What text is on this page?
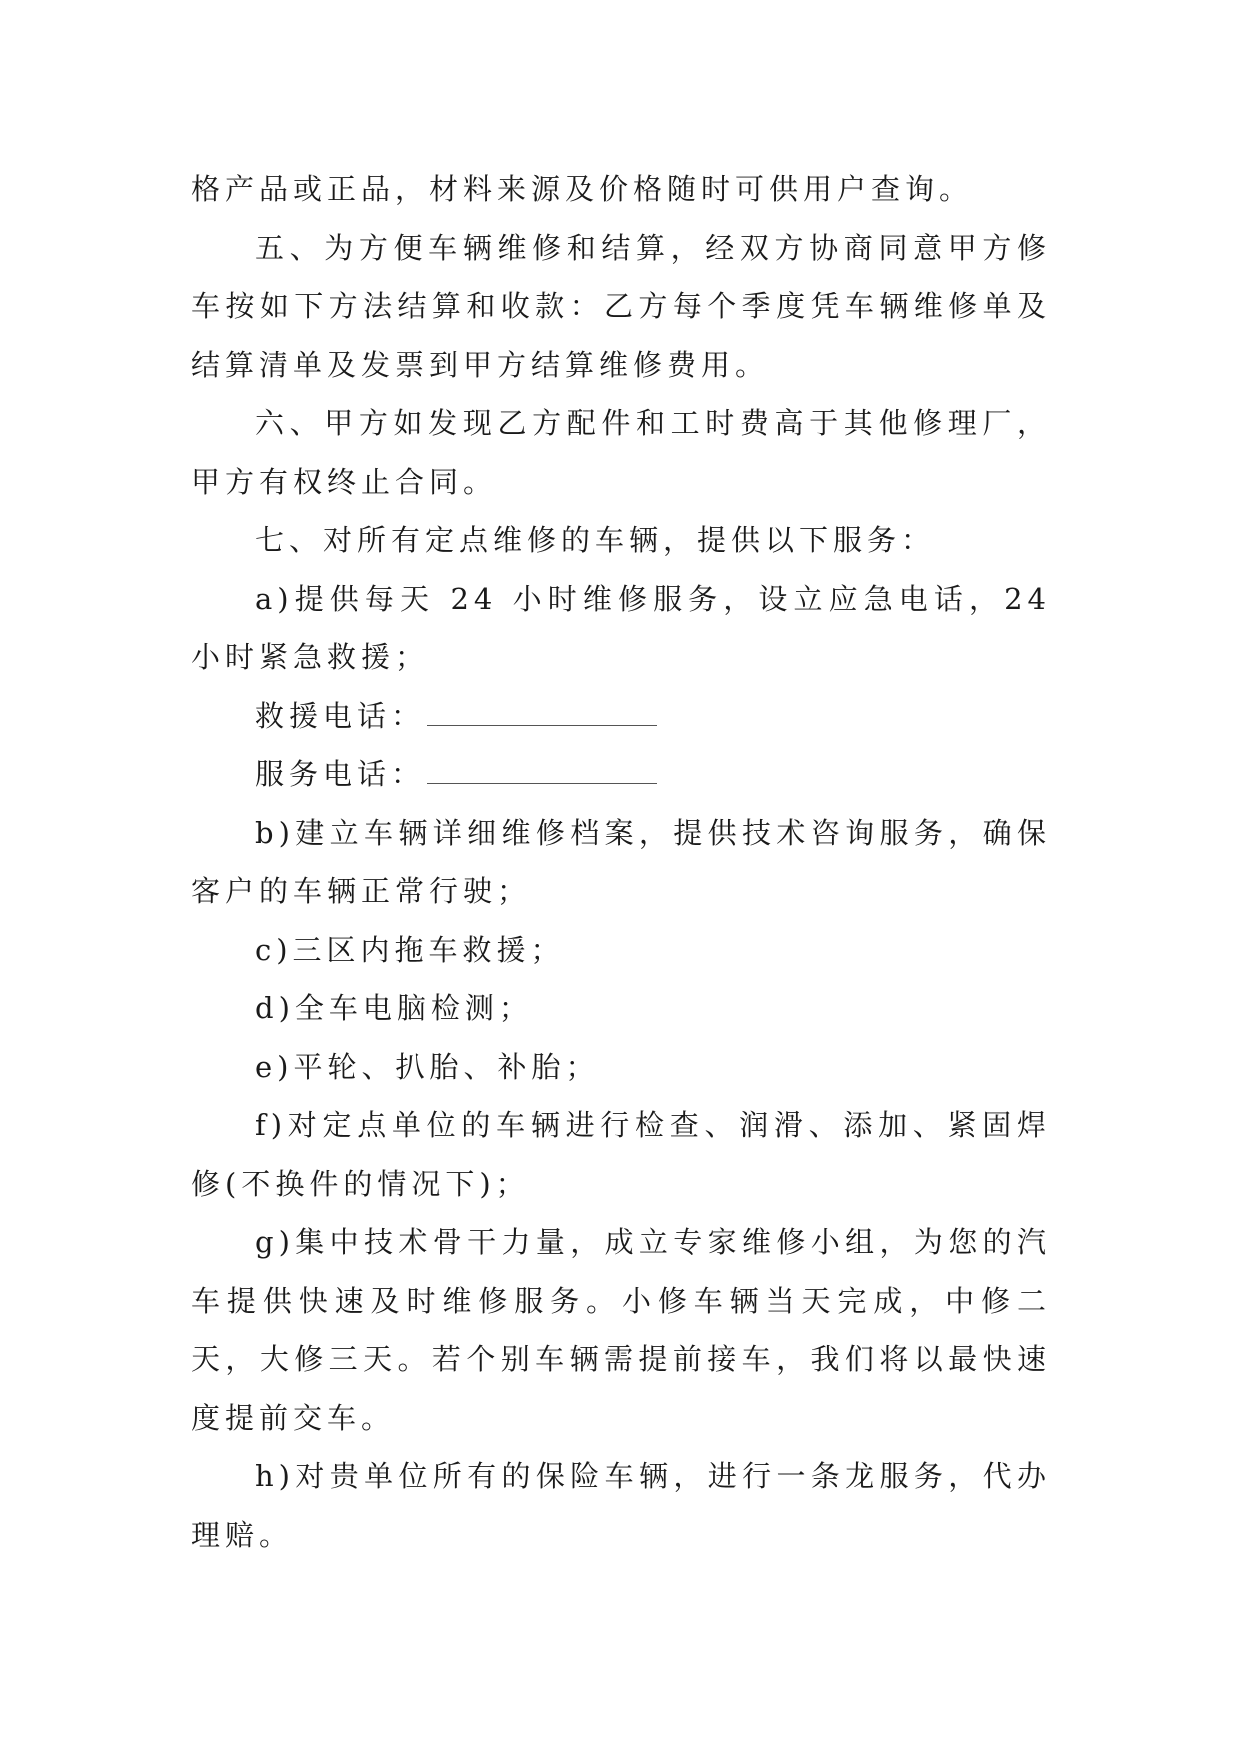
格产品或正品，材料来源及价格随时可供用户查询。

五、为方便车辆维修和结算，经双方协商同意甲方修车按如下方法结算和收款：乙方每个季度凭车辆维修单及结算清单及发票到甲方结算维修费用。

六、甲方如发现乙方配件和工时费高于其他修理厂，甲方有权终止合同。

七、对所有定点维修的车辆，提供以下服务：

a)提供每天 24 小时维修服务，设立应急电话，24 小时紧急救援；

救援电话：

服务电话：

b)建立车辆详细维修档案，提供技术咨询服务，确保客户的车辆正常行驶；

c)三区内拖车救援；

d)全车电脑检测；

e)平轮、扒胎、补胎；

f)对定点单位的车辆进行检查、润滑、添加、紧固焊修(不换件的情况下)；

g)集中技术骨干力量，成立专家维修小组，为您的汽车提供快速及时维修服务。小修车辆当天完成，中修二天，大修三天。若个别车辆需提前接车，我们将以最快速度提前交车。

h)对贵单位所有的保险车辆，进行一条龙服务，代办理赔。
